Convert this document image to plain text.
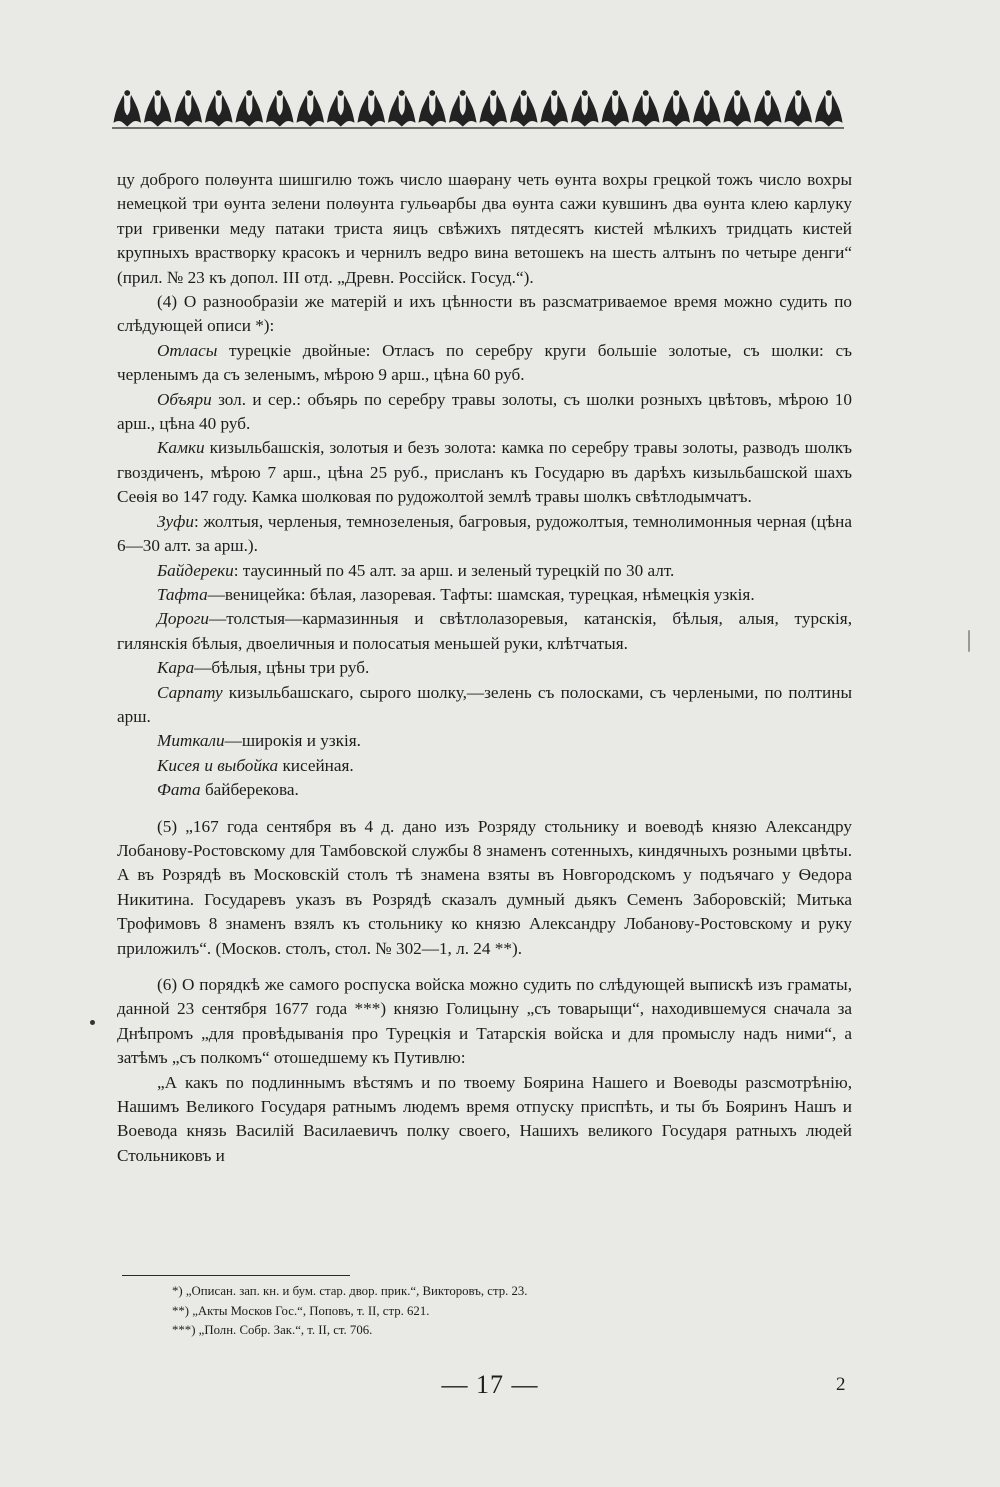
цу доброго полѳунта шишгилю тожъ число шаѳрану четь ѳунта вохры грецкой тожъ число вохры немецкой три ѳунта зелени полѳунта гульѳарбы два ѳунта сажи кувшинъ два ѳунта клею карлуку три гривенки меду патаки триста яицъ свѣжихъ пятдесятъ кистей мѣлкихъ тридцать кистей крупныхъ врастворку красокъ и чернилъ ведро вина ветошекъ на шесть алтынъ по четыре денги“ (прил. № 23 къ допол. III отд. „Древн. Россійск. Госуд.“).

(4) О разнообразіи же матерій и ихъ цѣнности въ разсматриваемое время можно судить по слѣдующей описи *):

Отласы турецкіе двойные: Отласъ по серебру круги большіе золотые, съ шолки: съ черленымъ да съ зеленымъ, мѣрою 9 арш., цѣна 60 руб.

Объяри зол. и сер.: объярь по серебру травы золоты, съ шолки розныхъ цвѣтовъ, мѣрою 10 арш., цѣна 40 руб.

Камки кизыльбашскія, золотыя и безъ золота: камка по серебру травы золоты, разводъ шолкъ гвоздиченъ, мѣрою 7 арш., цѣна 25 руб., присланъ къ Государю въ дарѣхъ кизыльбашской шахъ Сеѳія во 147 году. Камка шолковая по рудожолтой землѣ травы шолкъ свѣтлодымчатъ.

Зуфи: жолтыя, черленыя, темнозеленыя, багровыя, рудожолтыя, темнолимонныя черная (цѣна 6—30 алт. за арш.).

Байдереки: таусинный по 45 алт. за арш. и зеленый турецкій по 30 алт.

Тафта—веницейка: бѣлая, лазоревая. Тафты: шамская, турецкая, нѣмецкія узкія.

Дороги—толстыя—кармазинныя и свѣтлолазоревыя, катанскія, бѣлыя, алыя, турскія, гилянскія бѣлыя, двоеличныя и полосатыя меньшей руки, клѣтчатыя.

Кара—бѣлыя, цѣны три руб.

Сарпату кизыльбашскаго, сырого шолку,—зелень съ полосками, съ черлеными, по полтины арш.

Миткали—широкія и узкія.

Кисея и выбойка кисейная.

Фата байберекова.

(5) „167 года сентября въ 4 д. дано изъ Розряду стольнику и воеводѣ князю Александру Лобанову-Ростовскому для Тамбовской службы 8 знаменъ сотенныхъ, киндячныхъ розными цвѣты. А въ Розрядѣ въ Московскій столъ тѣ знамена взяты въ Новгородскомъ у подъячаго у Ѳедора Никитина. Государевъ указъ въ Розрядѣ сказалъ думный дьякъ Семенъ Заборовскій; Митька Трофимовъ 8 знаменъ взялъ къ стольнику ко князю Александру Лобанову-Ростовскому и руку приложилъ“. (Москов. столъ, стол. № 302—1, л. 24 **).

(6) О порядкѣ же самого роспуска войска можно судить по слѣдующей выпискѣ изъ граматы, данной 23 сентября 1677 года ***) князю Голицыну „съ товарыщи“, находившемуся сначала за Днѣпромъ „для провѣдыванія про Турецкія и Татарскія войска и для промыслу надъ ними“, а затѣмъ „съ полкомъ“ отошедшему къ Путивлю:

„А какъ по подлиннымъ вѣстямъ и по твоему Боярина Нашего и Воеводы разсмотрѣнію, Нашимъ Великого Государя ратнымъ людемъ время отпуску приспѣть, и ты бъ Бояринъ Нашъ и Воевода князь Василій Василаевичъ полку своего, Нашихъ великого Государя ратныхъ людей Стольниковъ и

*) „Описан. зап. кн. и бум. стар. двор. прик.“, Викторовъ, стр. 23.
**) „Акты Москов Гос.“, Поповъ, т. II, стр. 621.
***) „Полн. Собр. Зак.“, т. II, ст. 706.
— 17 —	2
